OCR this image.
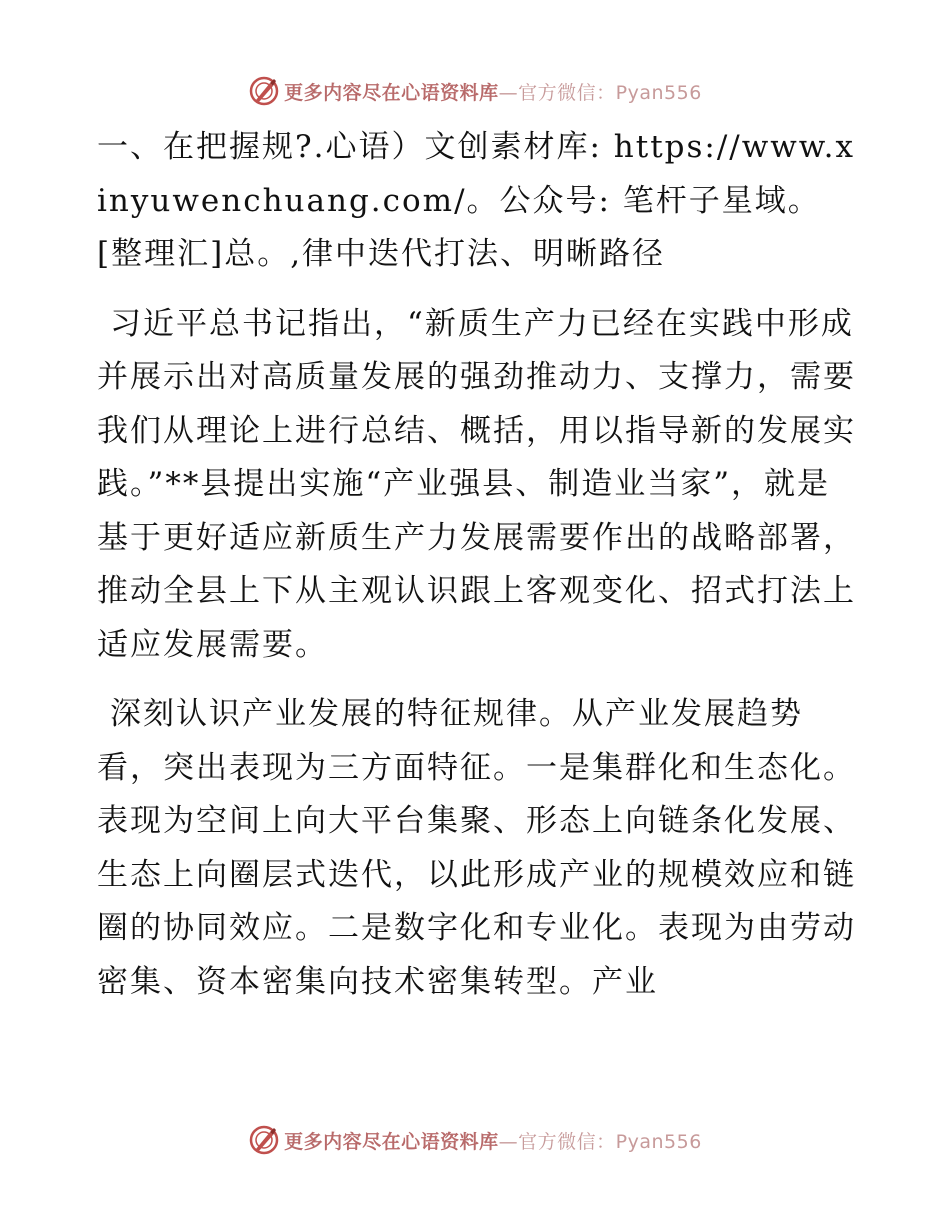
更多内容尽在心语资料库—官方微信：Pyan556

一、在把握规?.心语）文创素材库: https://www.xinyuwenchuang.com/。公众号: 笔杆子星域。[整理汇]总。,律中迭代打法、明晰路径

习近平总书记指出，“新质生产力已经在实践中形成并展示出对高质量发展的强劲推动力、支撑力，需要我们从理论上进行总结、概括，用以指导新的发展实践。”**县提出实施“产业强县、制造业当家”，就是基于更好适应新质生产力发展需要作出的战略部署，推动全县上下从主观认识跟上客观变化、招式打法上适应发展需要。

深刻认识产业发展的特征规律。从产业发展趋势看，突出表现为三方面特征。一是集群化和生态化。表现为空间上向大平台集聚、形态上向链条化发展、生态上向圈层式迭代，以此形成产业的规模效应和链圈的协同效应。二是数字化和专业化。表现为由劳动密集、资本密集向技术密集转型。产业

更多内容尽在心语资料库—官方微信：Pyan556
